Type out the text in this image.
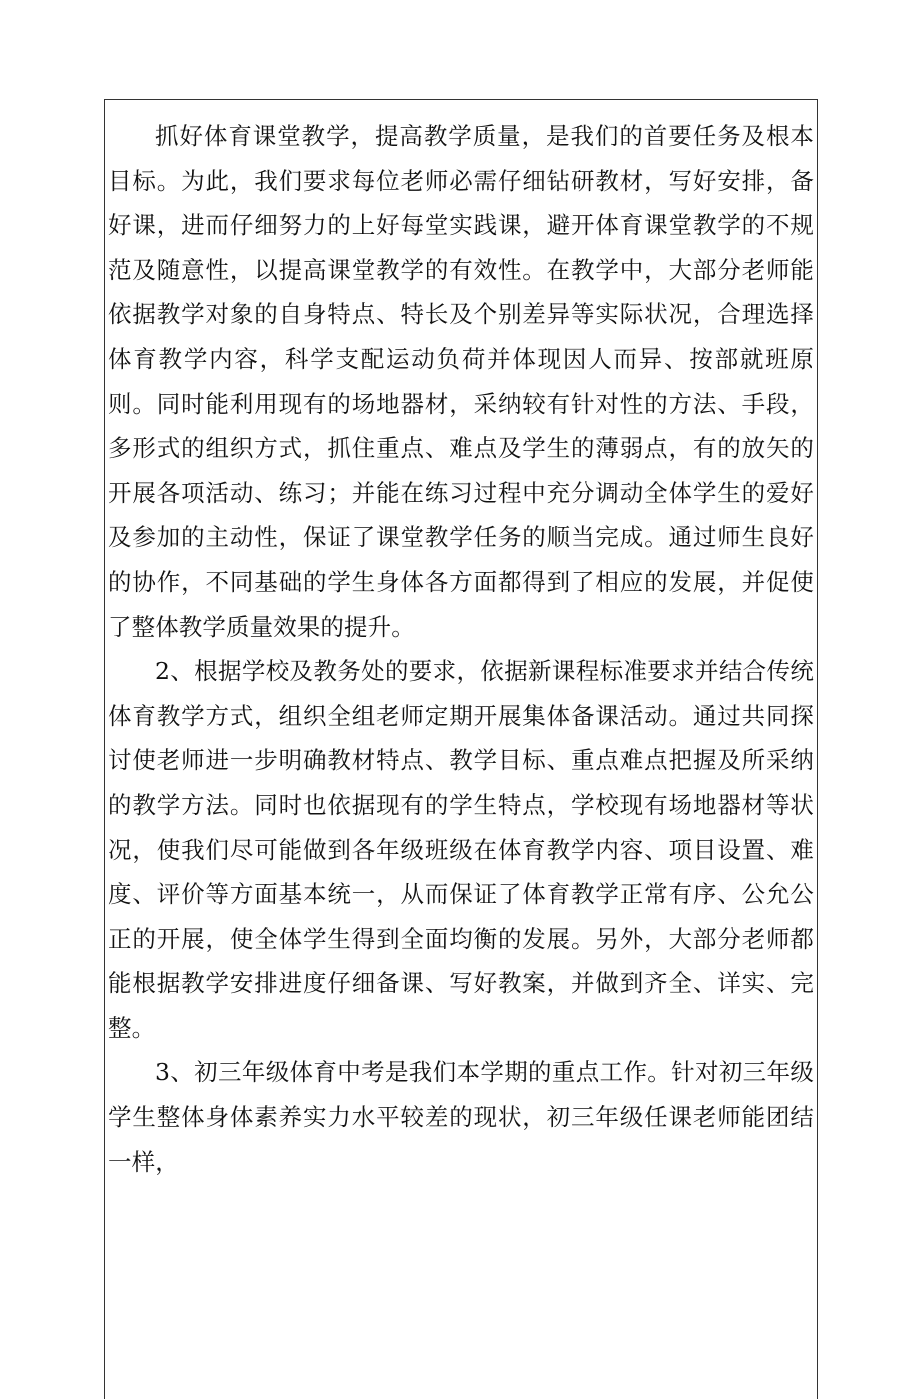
抓好体育课堂教学，提高教学质量，是我们的首要任务及根本目标。为此，我们要求每位老师必需仔细钻研教材，写好安排，备好课，进而仔细努力的上好每堂实践课，避开体育课堂教学的不规范及随意性，以提高课堂教学的有效性。在教学中，大部分老师能依据教学对象的自身特点、特长及个别差异等实际状况，合理选择体育教学内容，科学支配运动负荷并体现因人而异、按部就班原则。同时能利用现有的场地器材，采纳较有针对性的方法、手段，多形式的组织方式，抓住重点、难点及学生的薄弱点，有的放矢的开展各项活动、练习；并能在练习过程中充分调动全体学生的爱好及参加的主动性，保证了课堂教学任务的顺当完成。通过师生良好的协作，不同基础的学生身体各方面都得到了相应的发展，并促使了整体教学质量效果的提升。

2、根据学校及教务处的要求，依据新课程标准要求并结合传统体育教学方式，组织全组老师定期开展集体备课活动。通过共同探讨使老师进一步明确教材特点、教学目标、重点难点把握及所采纳的教学方法。同时也依据现有的学生特点，学校现有场地器材等状况，使我们尽可能做到各年级班级在体育教学内容、项目设置、难度、评价等方面基本统一，从而保证了体育教学正常有序、公允公正的开展，使全体学生得到全面均衡的发展。另外，大部分老师都能根据教学安排进度仔细备课、写好教案，并做到齐全、详实、完整。

3、初三年级体育中考是我们本学期的重点工作。针对初三年级学生整体身体素养实力水平较差的现状，初三年级任课老师能团结一样，
